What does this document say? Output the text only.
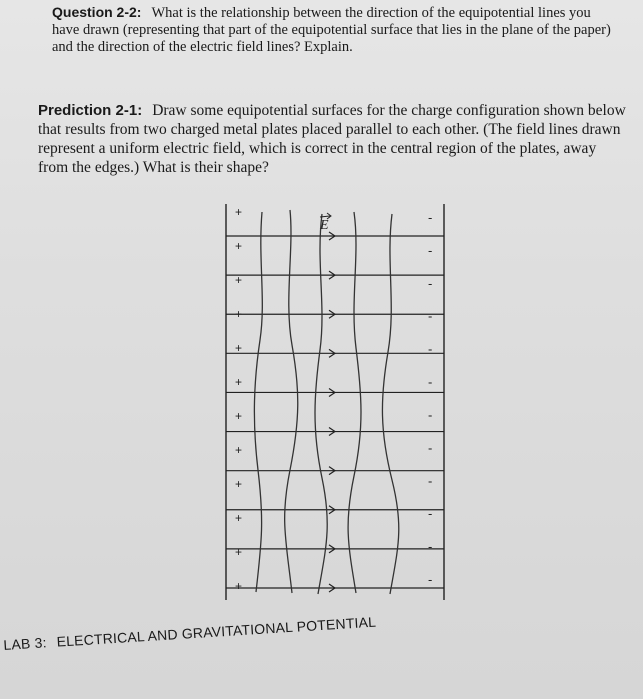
Question 2-2: What is the relationship between the direction of the equipotential lines you have drawn (representing that part of the equipotential surface that lies in the plane of the paper) and the direction of the electric field lines? Explain.
Prediction 2-1: Draw some equipotential surfaces for the charge configuration shown below that results from two charged metal plates placed parallel to each other. (The field lines drawn represent a uniform electric field, which is correct in the central region of the plates, away from the edges.) What is their shape?
+
+
+
+
+
+
+
+
+
+
+
+
-
-
-
-
-
-
-
-
-
-
-
-
E
LAB 3: ELECTRICAL AND GRAVITATIONAL POTENTIAL
